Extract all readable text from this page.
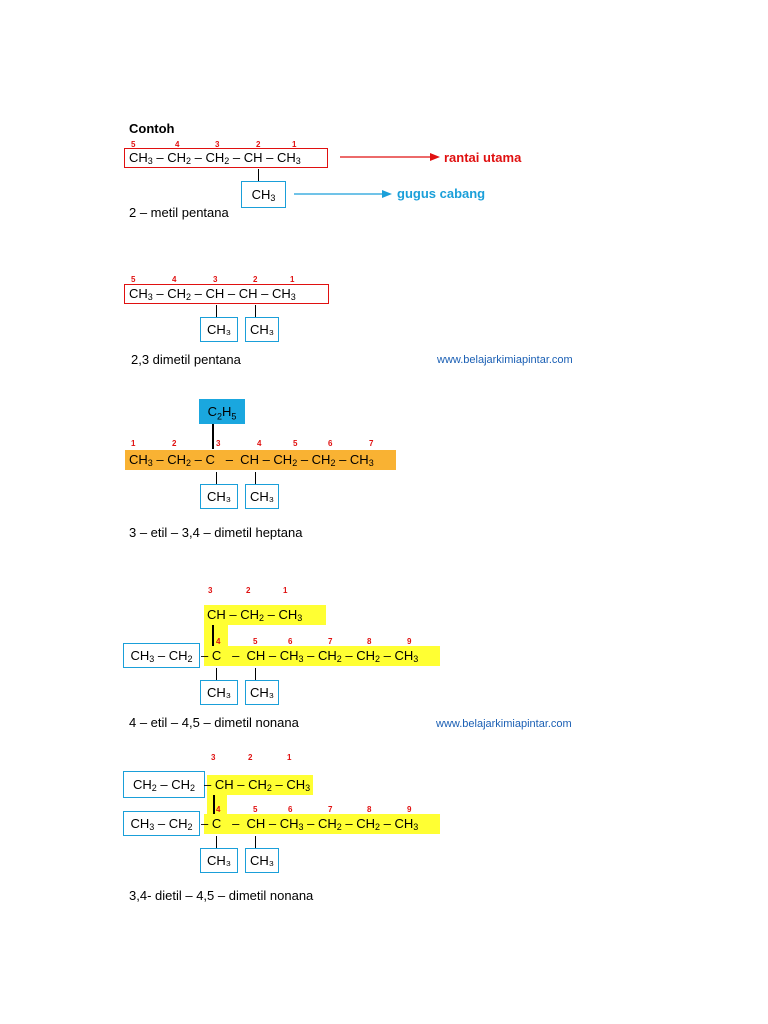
Contoh
5	4	3	2	1
$CH_3 - CH_2 - CH_2$ – CH – $CH_3$
$CH_3$
rantai utama
gugus cabang
2 – metil pentana
5	4	3	2	1
$CH_3 - CH_2$ – CH – CH – $CH_3$
CH₃	CH₃
2,3 dimetil pentana	www.belajarkimiapintar.com
$C_2H_5$
1	2	3	4	5	6	7
$CH_3 - CH_2$ – C   –  CH – $CH_2 - CH_2 - CH_3$
CH₃	CH₃
3 – etil – 3,4 – dimetil heptana
3	2	1
CH – $CH_2 - CH_3$
4	5	6	7	8	9
$CH_3 - CH_2$ – C   –  CH – $CH_3 - CH_2 - CH_2 - CH_3$
CH₃	CH₃
4 – etil – 4,5 – dimetil nonana	www.belajarkimiapintar.com
3	2	1
$CH_2 - CH_2$ – CH – $CH_2 - CH_3$
4	5	6	7	8	9
$CH_3 - CH_2$ – C   –  CH – $CH_3 - CH_2 - CH_2 - CH_3$
CH₃	CH₃
3,4- dietil – 4,5 – dimetil nonana
